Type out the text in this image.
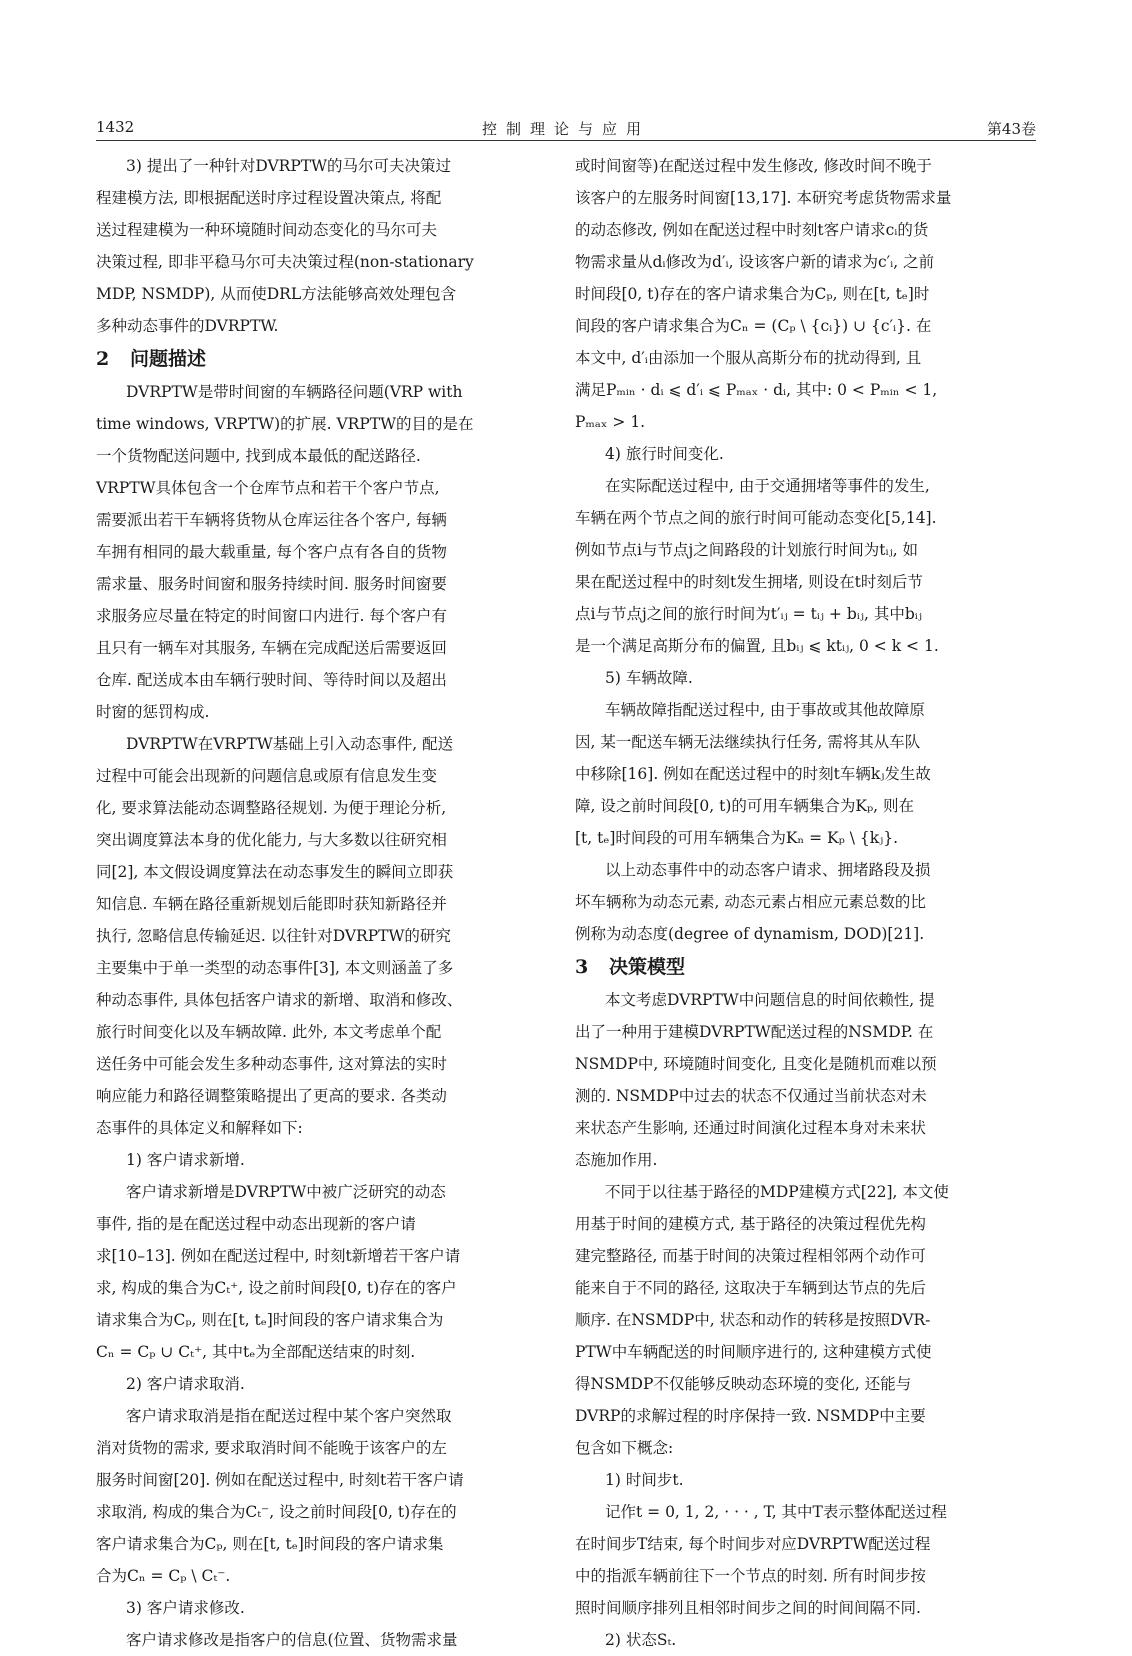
1432	控制理论与应用	第43卷
3) 提出了一种针对DVRPTW的马尔可夫决策过
程建模方法, 即根据配送时序过程设置决策点, 将配
送过程建模为一种环境随时间动态变化的马尔可夫
决策过程, 即非平稳马尔可夫决策过程(non-stationary
MDP, NSMDP), 从而使DRL方法能够高效处理包含
多种动态事件的DVRPTW.
2 问题描述
DVRPTW是带时间窗的车辆路径问题(VRP with
time windows, VRPTW)的扩展. VRPTW的目的是在
一个货物配送问题中, 找到成本最低的配送路径.
VRPTW具体包含一个仓库节点和若干个客户节点,
需要派出若干车辆将货物从仓库运往各个客户, 每辆
车拥有相同的最大载重量, 每个客户点有各自的货物
需求量、服务时间窗和服务持续时间. 服务时间窗要
求服务应尽量在特定的时间窗口内进行. 每个客户有
且只有一辆车对其服务, 车辆在完成配送后需要返回
仓库. 配送成本由车辆行驶时间、等待时间以及超出
时窗的惩罚构成.
DVRPTW在VRPTW基础上引入动态事件, 配送
过程中可能会出现新的问题信息或原有信息发生变
化, 要求算法能动态调整路径规划. 为便于理论分析,
突出调度算法本身的优化能力, 与大多数以往研究相
同[2], 本文假设调度算法在动态事发生的瞬间立即获
知信息. 车辆在路径重新规划后能即时获知新路径并
执行, 忽略信息传输延迟. 以往针对DVRPTW的研究
主要集中于单一类型的动态事件[3], 本文则涵盖了多
种动态事件, 具体包括客户请求的新增、取消和修改、
旅行时间变化以及车辆故障. 此外, 本文考虑单个配
送任务中可能会发生多种动态事件, 这对算法的实时
响应能力和路径调整策略提出了更高的要求. 各类动
态事件的具体定义和解释如下:
1) 客户请求新增.
客户请求新增是DVRPTW中被广泛研究的动态
事件, 指的是在配送过程中动态出现新的客户请
求[10–13]. 例如在配送过程中, 时刻t新增若干客户请
求, 构成的集合为Cₜ⁺, 设之前时间段[0, t)存在的客户
请求集合为Cₚ, 则在[t, tₑ]时间段的客户请求集合为
Cₙ = Cₚ ∪ Cₜ⁺, 其中tₑ为全部配送结束的时刻.
2) 客户请求取消.
客户请求取消是指在配送过程中某个客户突然取
消对货物的需求, 要求取消时间不能晚于该客户的左
服务时间窗[20]. 例如在配送过程中, 时刻t若干客户请
求取消, 构成的集合为Cₜ⁻, 设之前时间段[0, t)存在的
客户请求集合为Cₚ, 则在[t, tₑ]时间段的客户请求集
合为Cₙ = Cₚ \ Cₜ⁻.
3) 客户请求修改.
客户请求修改是指客户的信息(位置、货物需求量
或时间窗等)在配送过程中发生修改, 修改时间不晚于
该客户的左服务时间窗[13,17]. 本研究考虑货物需求量
的动态修改, 例如在配送过程中时刻t客户请求cᵢ的货
物需求量从dᵢ修改为d′ᵢ, 设该客户新的请求为c′ᵢ, 之前
时间段[0, t)存在的客户请求集合为Cₚ, 则在[t, tₑ]时
间段的客户请求集合为Cₙ = (Cₚ \ {cᵢ}) ∪ {c′ᵢ}. 在
本文中, d′ᵢ由添加一个服从高斯分布的扰动得到, 且
满足Pₘᵢₙ · dᵢ ⩽ d′ᵢ ⩽ Pₘₐₓ · dᵢ, 其中: 0 < Pₘᵢₙ < 1,
Pₘₐₓ > 1.
4) 旅行时间变化.
在实际配送过程中, 由于交通拥堵等事件的发生,
车辆在两个节点之间的旅行时间可能动态变化[5,14].
例如节点i与节点j之间路段的计划旅行时间为tᵢⱼ, 如
果在配送过程中的时刻t发生拥堵, 则设在t时刻后节
点i与节点j之间的旅行时间为t′ᵢⱼ = tᵢⱼ + bᵢⱼ, 其中bᵢⱼ
是一个满足高斯分布的偏置, 且bᵢⱼ ⩽ ktᵢⱼ, 0 < k < 1.
5) 车辆故障.
车辆故障指配送过程中, 由于事故或其他故障原
因, 某一配送车辆无法继续执行任务, 需将其从车队
中移除[16]. 例如在配送过程中的时刻t车辆kⱼ发生故
障, 设之前时间段[0, t)的可用车辆集合为Kₚ, 则在
[t, tₑ]时间段的可用车辆集合为Kₙ = Kₚ \ {kⱼ}.
以上动态事件中的动态客户请求、拥堵路段及损
坏车辆称为动态元素, 动态元素占相应元素总数的比
例称为动态度(degree of dynamism, DOD)[21].
3 决策模型
本文考虑DVRPTW中问题信息的时间依赖性, 提
出了一种用于建模DVRPTW配送过程的NSMDP. 在
NSMDP中, 环境随时间变化, 且变化是随机而难以预
测的. NSMDP中过去的状态不仅通过当前状态对未
来状态产生影响, 还通过时间演化过程本身对未来状
态施加作用.
不同于以往基于路径的MDP建模方式[22], 本文使
用基于时间的建模方式, 基于路径的决策过程优先构
建完整路径, 而基于时间的决策过程相邻两个动作可
能来自于不同的路径, 这取决于车辆到达节点的先后
顺序. 在NSMDP中, 状态和动作的转移是按照DVR-
PTW中车辆配送的时间顺序进行的, 这种建模方式使
得NSMDP不仅能够反映动态环境的变化, 还能与
DVRP的求解过程的时序保持一致. NSMDP中主要
包含如下概念:
1) 时间步t.
记作t = 0, 1, 2, · · · , T, 其中T表示整体配送过程
在时间步T结束, 每个时间步对应DVRPTW配送过程
中的指派车辆前往下一个节点的时刻. 所有时间步按
照时间顺序排列且相邻时间步之间的时间间隔不同.
2) 状态Sₜ.
